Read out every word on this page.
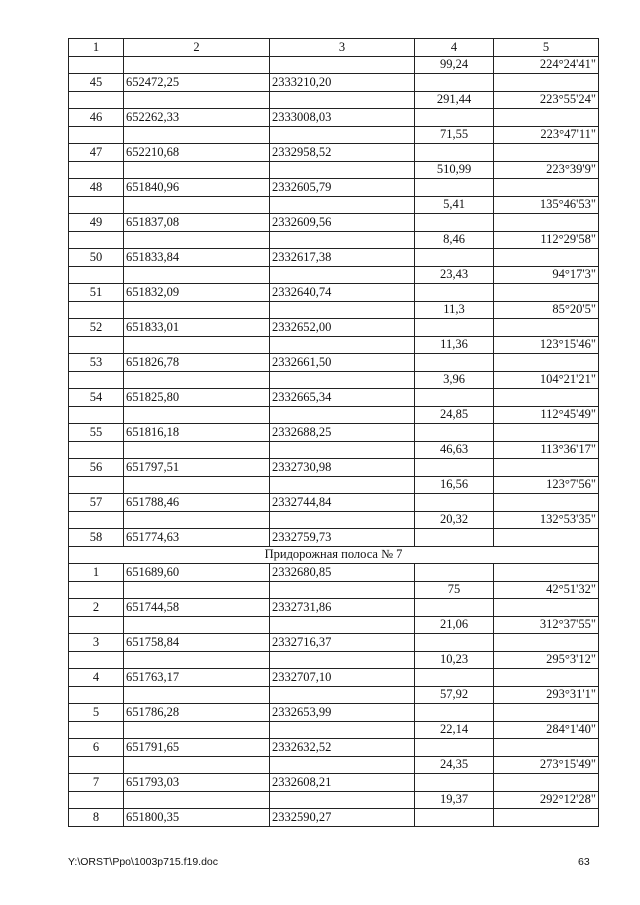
1	2	3	4	5
			99,24	224°24'41"
45	652472,25	2333210,20		
			291,44	223°55'24"
46	652262,33	2333008,03		
			71,55	223°47'11"
47	652210,68	2332958,52		
			510,99	223°39'9"
48	651840,96	2332605,79		
			5,41	135°46'53"
49	651837,08	2332609,56		
			8,46	112°29'58"
50	651833,84	2332617,38		
			23,43	94°17'3"
51	651832,09	2332640,74		
			11,3	85°20'5"
52	651833,01	2332652,00		
			11,36	123°15'46"
53	651826,78	2332661,50		
			3,96	104°21'21"
54	651825,80	2332665,34		
			24,85	112°45'49"
55	651816,18	2332688,25		
			46,63	113°36'17"
56	651797,51	2332730,98		
			16,56	123°7'56"
57	651788,46	2332744,84		
			20,32	132°53'35"
58	651774,63	2332759,73		
Придорожная полоса № 7				
1	651689,60	2332680,85		
			75	42°51'32"
2	651744,58	2332731,86		
			21,06	312°37'55"
3	651758,84	2332716,37		
			10,23	295°3'12"
4	651763,17	2332707,10		
			57,92	293°31'1"
5	651786,28	2332653,99		
			22,14	284°1'40"
6	651791,65	2332632,52		
			24,35	273°15'49"
7	651793,03	2332608,21		
			19,37	292°12'28"
8	651800,35	2332590,27		
Y:\ORST\Ppo\1003p715.f19.doc	63
